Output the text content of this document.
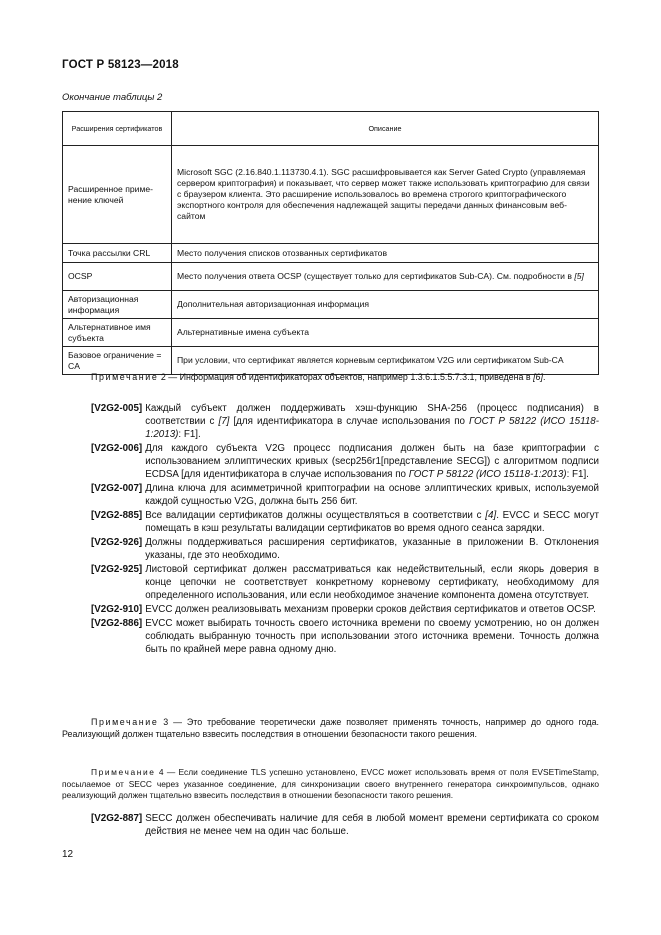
ГОСТ Р 58123—2018
Окончание таблицы 2
Расширения сертификатов	Описание
Расширенное применение ключей	Microsoft SGC (2.16.840.1.113730.4.1). SGC расшифровывается как Server Gated Crypto (управляемая сервером криптография) и показывает, что сервер может также использовать криптографию для связи с браузером клиента. Это расширение использовалось во времена строгого криптографического экспортного контроля для обеспечения надлежащей защиты передачи данных финансовым веб-сайтом
Точка рассылки CRL	Место получения списков отозванных сертификатов
OCSP	Место получения ответа OCSP (существует только для сертификатов Sub-CA). См. подробности в [5]
Авторизационная информация	Дополнительная авторизационная информация
Альтернативное имя субъекта	Альтернативные имена субъекта
Базовое ограничение = CA	При условии, что сертификат является корневым сертификатом V2G или сертификатом Sub-CA
Примечание 2 — Информация об идентификаторах объектов, например 1.3.6.1.5.5.7.3.1, приведена в [6].
[V2G2-005] Каждый субъект должен поддерживать хэш-функцию SHA-256 (процесс подписания) в соответствии с [7] [для идентификатора в случае использования по ГОСТ Р 58122 (ИСО 15118-1:2013): F1].
[V2G2-006] Для каждого субъекта V2G процесс подписания должен быть на базе криптографии с использованием эллиптических кривых (secp256r1[представление SECG]) с алгоритмом подписи ECDSA [для идентификатора в случае использования по ГОСТ Р 58122 (ИСО 15118-1:2013): F1].
[V2G2-007] Длина ключа для асимметричной криптографии на основе эллиптических кривых, используемой каждой сущностью V2G, должна быть 256 бит.
[V2G2-885] Все валидации сертификатов должны осуществляться в соответствии с [4]. EVCC и SECC могут помещать в кэш результаты валидации сертификатов во время одного сеанса зарядки.
[V2G2-926] Должны поддерживаться расширения сертификатов, указанные в приложении В. Отклонения указаны, где это необходимо.
[V2G2-925] Листовой сертификат должен рассматриваться как недействительный, если якорь доверия в конце цепочки не соответствует конкретному корневому сертификату, необходимому для определенного использования, или если необходимое значение компонента домена отсутствует.
[V2G2-910] EVCC должен реализовывать механизм проверки сроков действия сертификатов и ответов OCSP.
[V2G2-886] EVCC может выбирать точность своего источника времени по своему усмотрению, но он должен соблюдать выбранную точность при использовании этого источника времени. Точность должна быть по крайней мере равна одному дню.
Примечание 3 — Это требование теоретически даже позволяет применять точность, например до одного года. Реализующий должен тщательно взвесить последствия в отношении безопасности такого решения.
Примечание 4 — Если соединение TLS успешно установлено, EVCC может использовать время от поля EVSETimeStamp, посылаемое от SECC через указанное соединение, для синхронизации своего внутреннего генератора синхроимпульсов, однако реализующий должен тщательно взвесить последствия в отношении безопасности такого решения.
[V2G2-887] SECC должен обеспечивать наличие для себя в любой момент времени сертификата со сроком действия не менее чем на один час больше.
12
